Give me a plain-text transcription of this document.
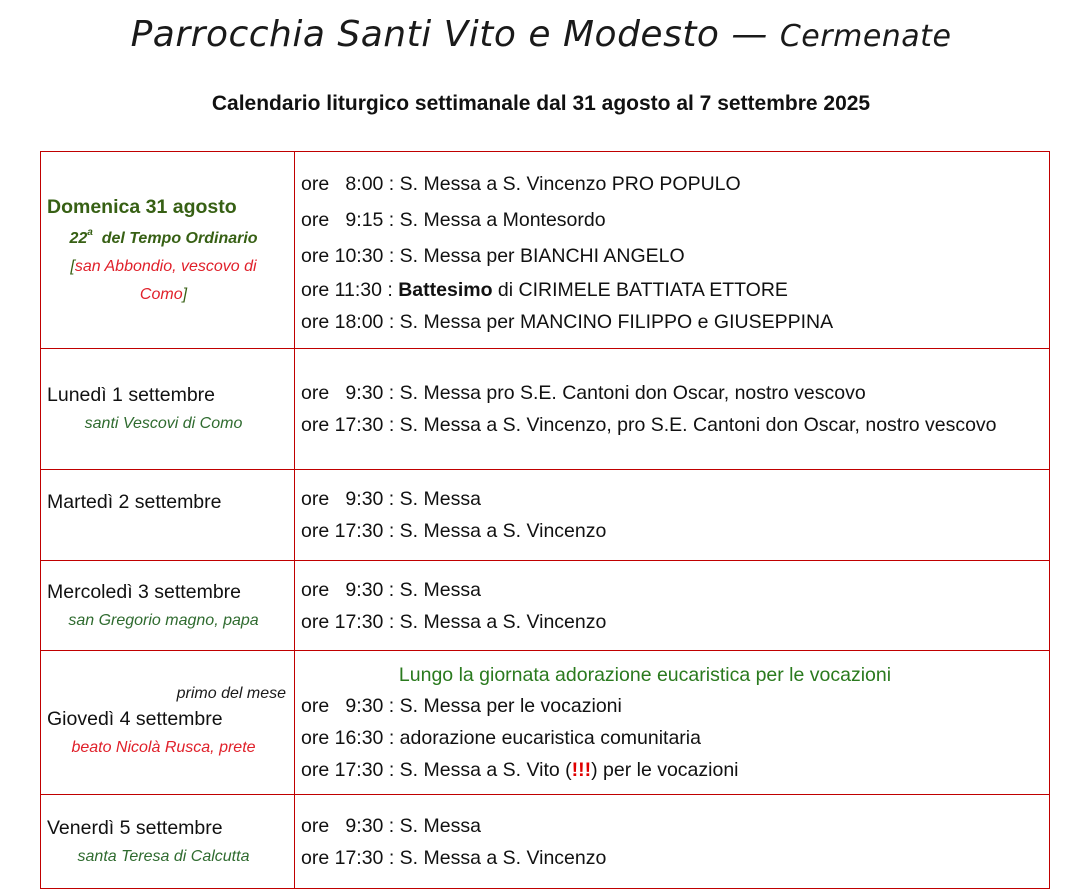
Parrocchia Santi Vito e Modesto — Cermenate
Calendario liturgico settimanale dal 31 agosto al 7 settembre 2025
Domenica 31 agosto
22$^a$  del Tempo Ordinario
[san Abbondio, vescovo di
Como]

ore   8:00 : S. Messa a S. Vincenzo PRO POPULO
ore   9:15 : S. Messa a Montesordo
ore 10:30 : S. Messa per BIANCHI ANGELO
ore 11:30 : Battesimo di CIRIMELE BATTIATA ETTORE
ore 18:00 : S. Messa per MANCINO FILIPPO e GIUSEPPINA

Lunedì 1 settembre
santi Vescovi di Como	ore   9:30 : S. Messa pro S.E. Cantoni don Oscar, nostro vescovo
ore 17:30 : S. Messa a S. Vincenzo, pro S.E. Cantoni don Oscar, nostro vescovo

Martedì 2 settembre	ore   9:30 : S. Messa
ore 17:30 : S. Messa a S. Vincenzo

Mercoledì 3 settembre
san Gregorio magno, papa	ore   9:30 : S. Messa
ore 17:30 : S. Messa a S. Vincenzo

primo del mese
Giovedì 4 settembre
beato Nicolà Rusca, prete	Lungo la giornata adorazione eucaristica per le vocazioni
ore   9:30 : S. Messa per le vocazioni
ore 16:30 : adorazione eucaristica comunitaria
ore 17:30 : S. Messa a S. Vito (!!!) per le vocazioni

Venerdì 5 settembre
santa Teresa di Calcutta	ore   9:30 : S. Messa
ore 17:30 : S. Messa a S. Vincenzo
